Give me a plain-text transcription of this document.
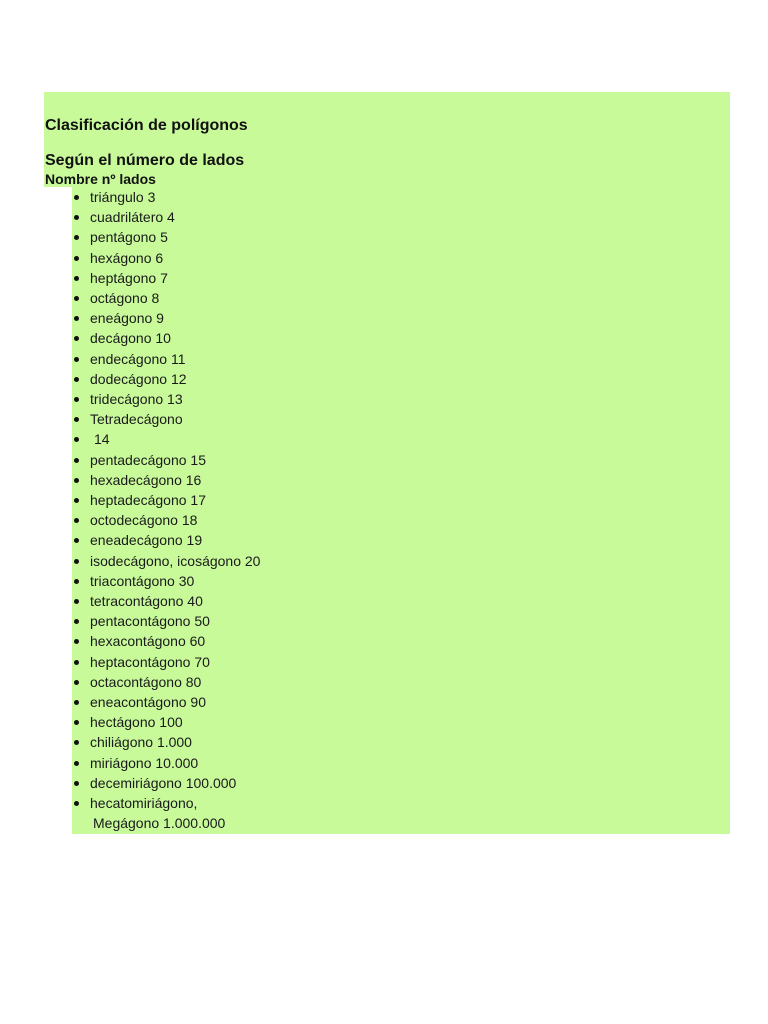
Clasificación de polígonos
Según el número de lados
Nombre nº lados
triángulo 3
cuadrilátero 4
pentágono 5
hexágono 6
heptágono 7
octágono 8
eneágono 9
decágono 10
endecágono 11
dodecágono 12
tridecágono 13
Tetradecágono
14
pentadecágono 15
hexadecágono 16
heptadecágono 17
octodecágono 18
eneadecágono 19
isodecágono, icoságono 20
triacontágono 30
tetracontágono 40
pentacontágono 50
hexacontágono 60
heptacontágono 70
octacontágono 80
eneacontágono 90
hectágono 100
chiliágono 1.000
miriágono 10.000
decemiriágono 100.000
hecatomiriágono,
Megágono 1.000.000
